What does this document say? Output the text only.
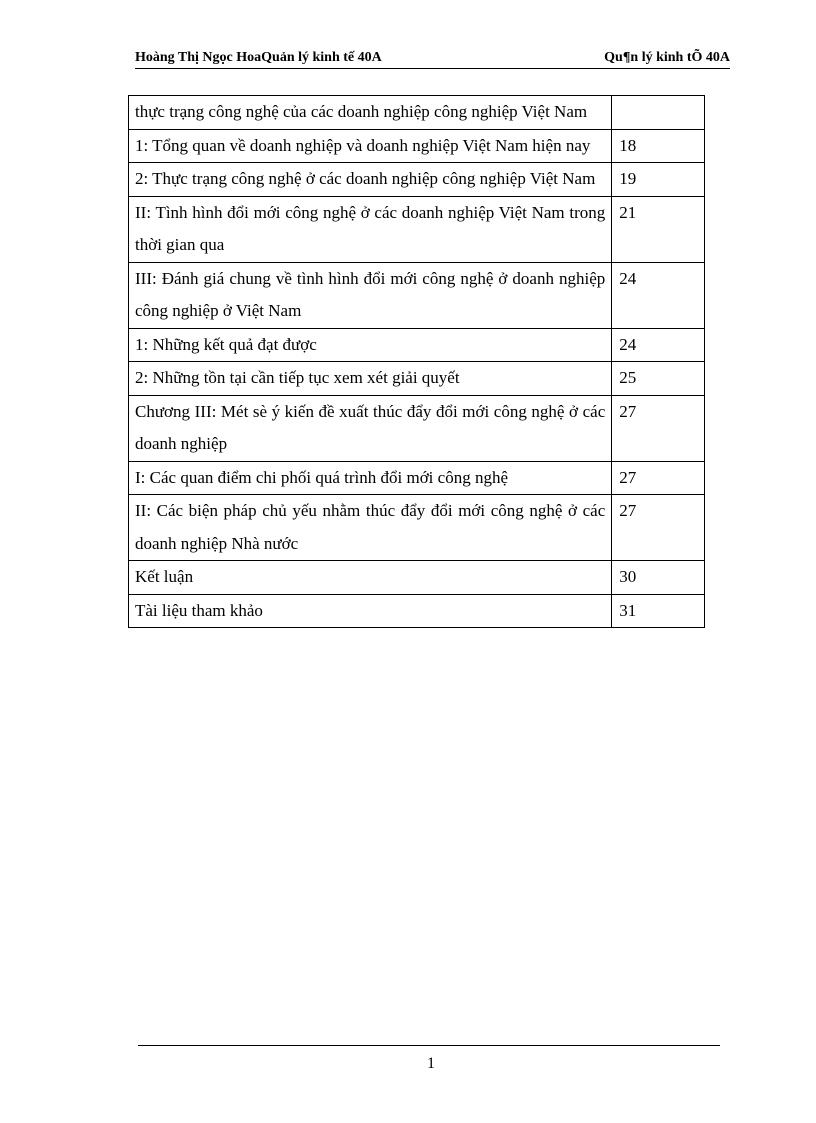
Hoàng Thị Ngọc HoaQuản lý kinh tế 40A	Qu¶n lý kinh tÕ 40A
thực trạng công nghệ của các doanh nghiệp công nghiệp Việt Nam	
1: Tổng quan về doanh nghiệp và doanh nghiệp Việt Nam hiện nay	18
2: Thực trạng công nghệ ở các doanh nghiệp công nghiệp Việt Nam	19
II: Tình hình đổi mới công nghệ ở các doanh nghiệp Việt Nam trong thời gian qua	21
III: Đánh giá chung về tình hình đổi mới công nghệ ở doanh nghiệp công nghiệp ở Việt Nam	24
1: Những kết quả đạt được	24
2: Những tồn tại cần tiếp tục xem xét giải quyết	25
Chương III: Mét sè ý kiến đề xuất thúc đẩy đổi mới công nghệ ở các doanh nghiệp	27
I: Các quan điểm chi phối quá trình đổi mới công nghệ	27
II: Các biện pháp chủ yếu nhằm thúc đẩy đổi mới công nghệ ở các doanh nghiệp Nhà nước	27
Kết luận	30
Tài liệu tham khảo	31
1
